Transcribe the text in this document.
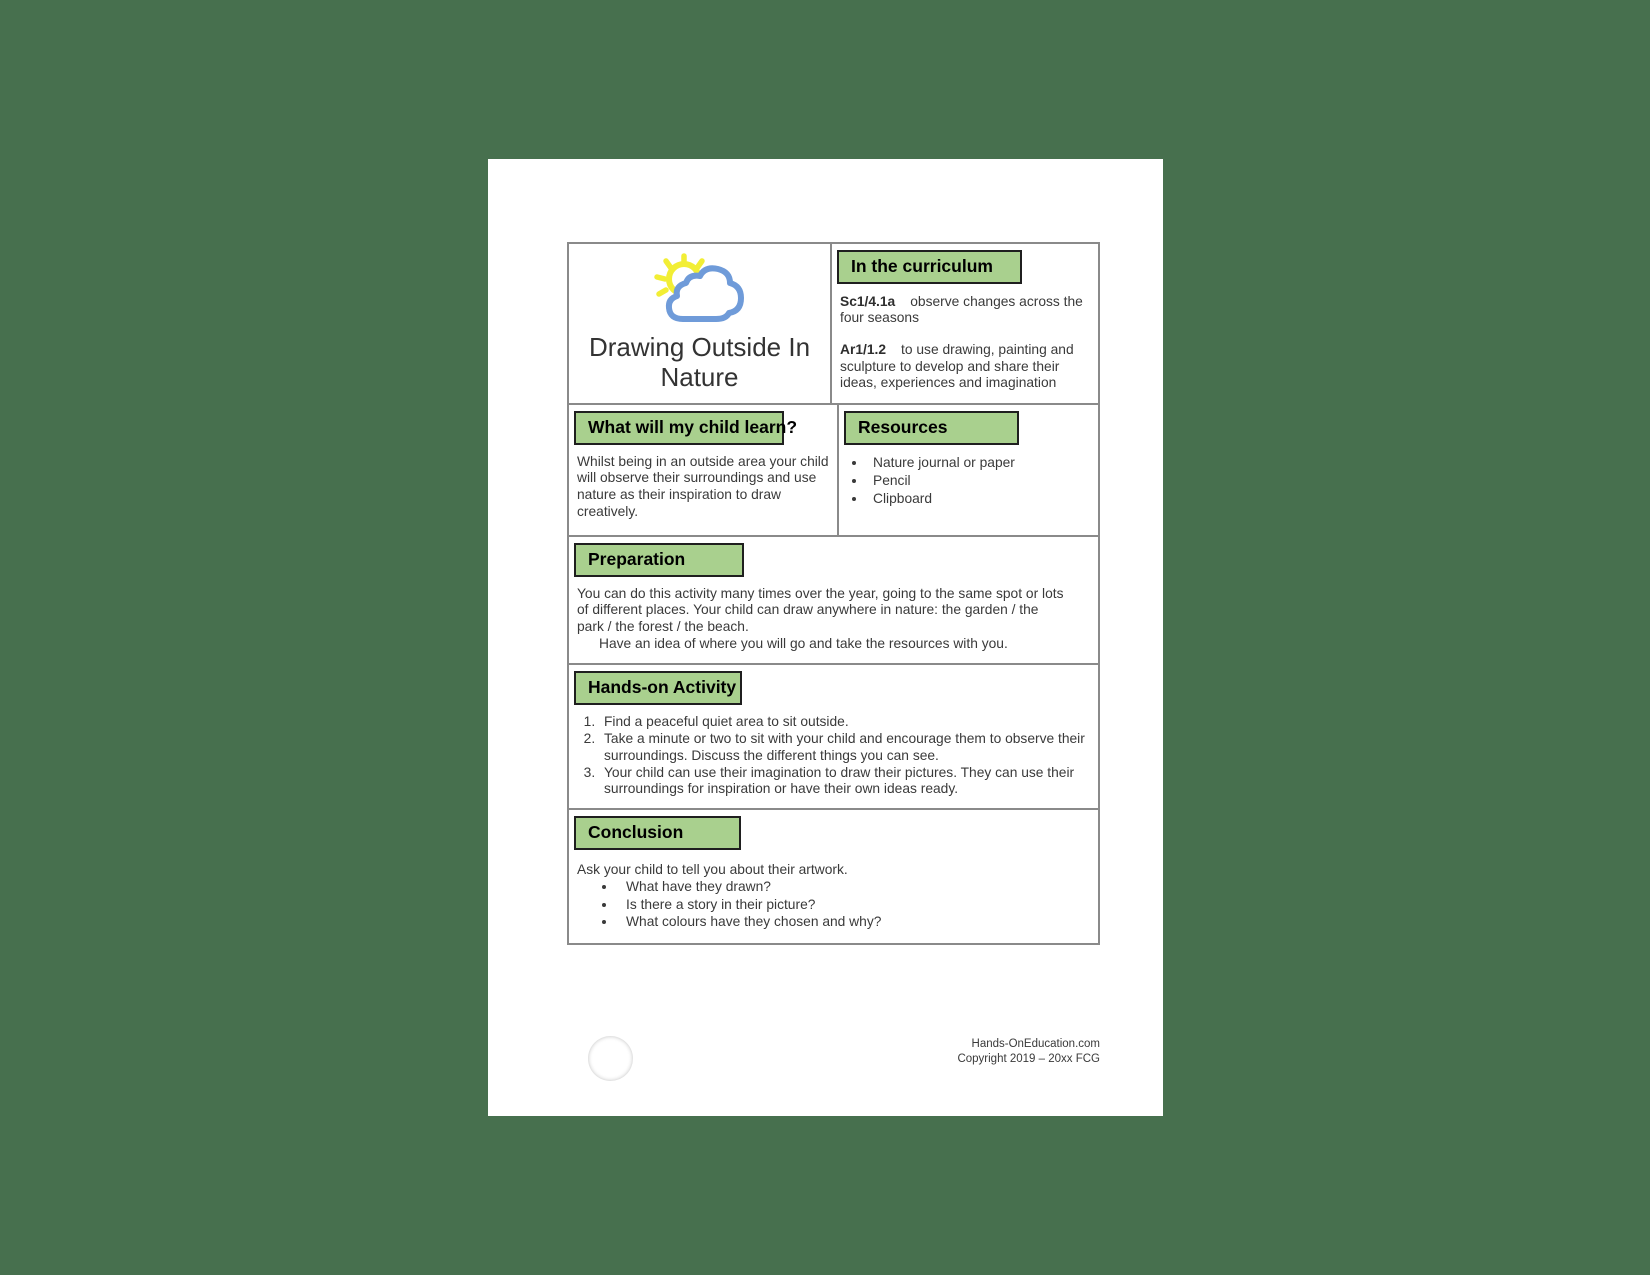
Drawing Outside In Nature
In the curriculum

Sc1/4.1a observe changes across the four seasons

Ar1/1.2 to use drawing, painting and sculpture to develop and share their ideas, experiences and imagination

What will my child learn?

Whilst being in an outside area your child will observe their surroundings and use nature as their inspiration to draw creatively.

Resources
• Nature journal or paper
• Pencil
• Clipboard
Preparation

You can do this activity many times over the year, going to the same spot or lots of different places. Your child can draw anywhere in nature: the garden / the park / the forest / the beach.

Have an idea of where you will go and take the resources with you.

Hands-on Activity
1. Find a peaceful quiet area to sit outside.
2. Take a minute or two to sit with your child and encourage them to observe their surroundings. Discuss the different things you can see.
3. Your child can use their imagination to draw their pictures. They can use their surroundings for inspiration or have their own ideas ready.
Conclusion

Ask your child to tell you about their artwork.

• What have they drawn?
• Is there a story in their picture?
• What colours have they chosen and why?
Hands-OnEducation.com
Copyright 2019 – 20xx FCG
